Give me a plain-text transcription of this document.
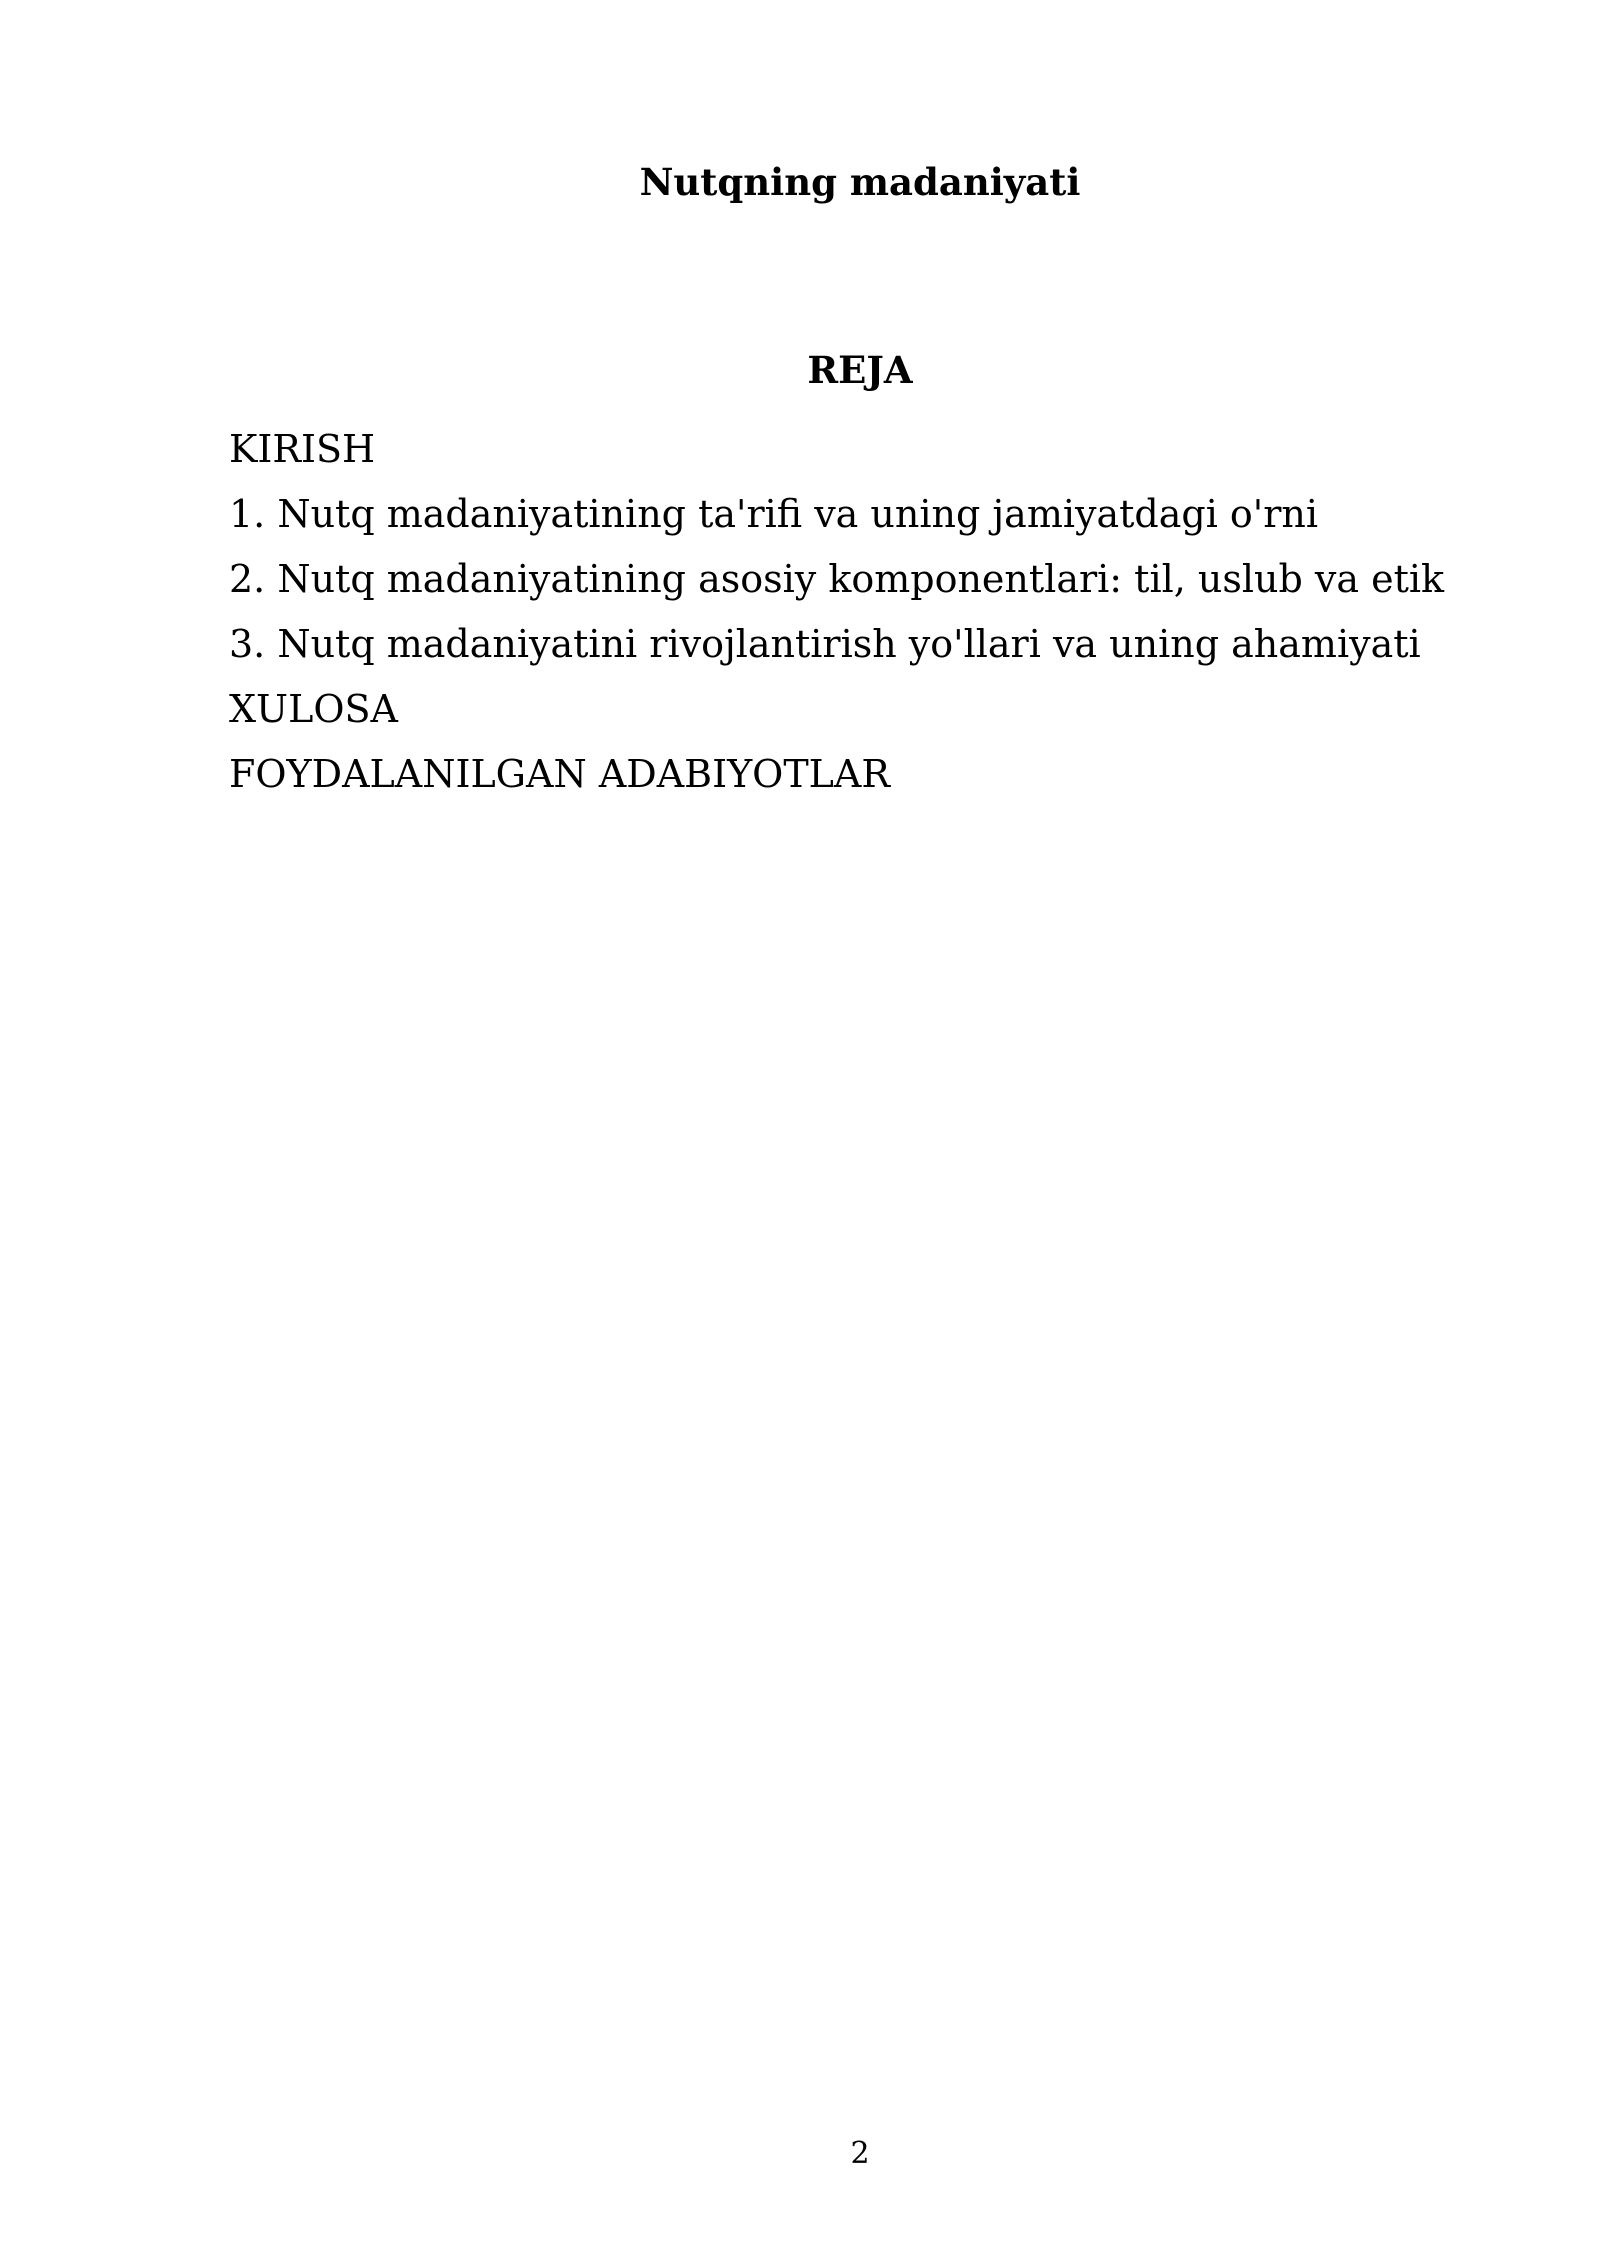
Nutqning madaniyati
REJA
KIRISH
1. Nutq madaniyatining ta'rifi va uning jamiyatdagi o'rni
2. Nutq madaniyatining asosiy komponentlari: til, uslub va etik
3. Nutq madaniyatini rivojlantirish yo'llari va uning ahamiyati
XULOSA
FOYDALANILGAN ADABIYOTLAR
2
